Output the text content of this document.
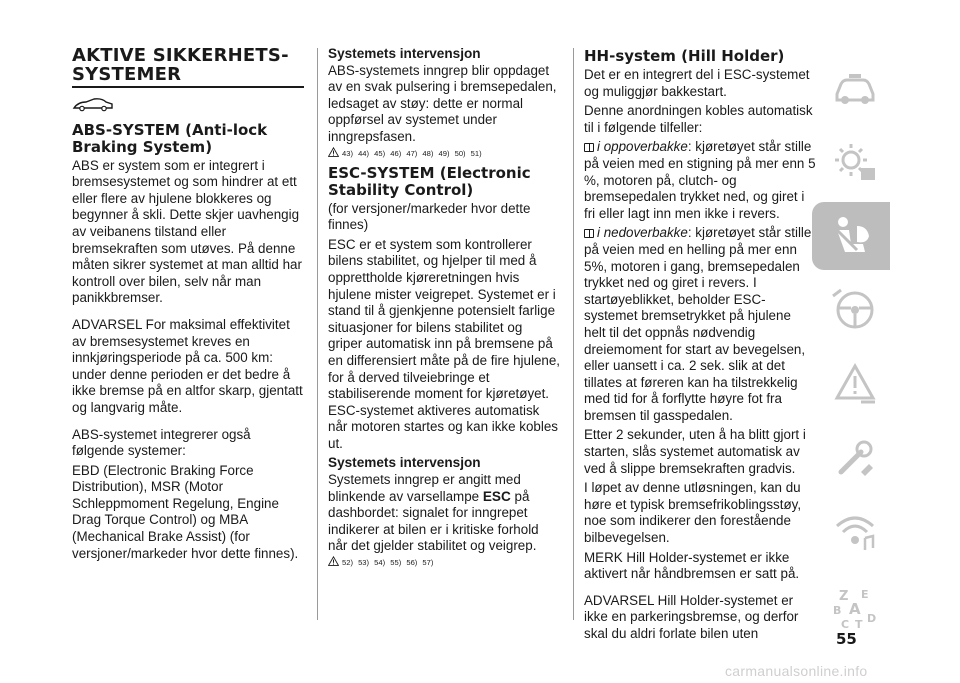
AKTIVE SIKKERHETS-
SYSTEMER
ABS-SYSTEM (Anti-lock
Braking System)

ABS er system som er integrert i bremsesystemet og som hindrer at ett eller flere av hjulene blokkeres og begynner å skli. Dette skjer uavhengig av veibanens tilstand eller bremsekraften som utøves. På denne måten sikrer systemet at man alltid har kontroll over bilen, selv når man panikkbremser.

ADVARSEL For maksimal effektivitet av bremsesystemet kreves en innkjøringsperiode på ca. 500 km: under denne perioden er det bedre å ikke bremse på en altfor skarp, gjentatt og langvarig måte.

ABS-systemet integrerer også følgende systemer:

EBD (Electronic Braking Force Distribution), MSR (Motor Schleppmoment Regelung, Engine Drag Torque Control) og MBA (Mechanical Brake Assist) (for versjoner/markeder hvor dette finnes).

Systemets intervensjon

ABS-systemets inngrep blir oppdaget av en svak pulsering i bremsepedalen, ledsaget av støy: dette er normal oppførsel av systemet under inngrepsfasen.

43) 44) 45) 46) 47) 48) 49) 50) 51)
ESC-SYSTEM (Electronic
Stability Control)

(for versjoner/markeder hvor dette finnes)

ESC er et system som kontrollerer bilens stabilitet, og hjelper til med å opprettholde kjøreretningen hvis hjulene mister veigrepet. Systemet er i stand til å gjenkjenne potensielt farlige situasjoner for bilens stabilitet og griper automatisk inn på bremsene på en differensiert måte på de fire hjulene, for å derved tilveiebringe et stabiliserende moment for kjøretøyet. ESC-systemet aktiveres automatisk når motoren startes og kan ikke kobles ut.

Systemets intervensjon

Systemets inngrep er angitt med blinkende av varsellampe ESC på dashbordet: signalet for inngrepet indikerer at bilen er i kritiske forhold når det gjelder stabilitet og veigrep.

52) 53) 54) 55) 56) 57)
HH-system (Hill Holder)

Det er en integrert del i ESC-systemet og muliggjør bakkestart.

Denne anordningen kobles automatisk til i følgende tilfeller:

i oppoverbakke: kjøretøyet står stille på veien med en stigning på mer enn 5 %, motoren på, clutch- og bremsepedalen trykket ned, og giret i fri eller lagt inn men ikke i revers.

i nedoverbakke: kjøretøyet står stille på veien med en helling på mer enn 5%, motoren i gang, bremsepedalen trykket ned og giret i revers. I startøyeblikket, beholder ESC-systemet bremsetrykket på hjulene helt til det oppnås nødvendig dreiemoment for start av bevegelsen, eller uansett i ca. 2 sek. slik at det tillates at føreren kan ha tilstrekkelig med tid for å forflytte høyre fot fra bremsen til gasspedalen.

Etter 2 sekunder, uten å ha blitt gjort i starten, slås systemet automatisk av ved å slippe bremsekraften gradvis.

I løpet av denne utløsningen, kan du høre et typisk bremsefrikoblingsstøy, noe som indikerer den forestående bilbevegelsen.

MERK Hill Holder-systemet er ikke aktivert når håndbremsen er satt på.

ADVARSEL Hill Holder-systemet er ikke en parkeringsbremse, og derfor skal du aldri forlate bilen uten

Z E
B A
C T D
55
carmanualsonline.info
